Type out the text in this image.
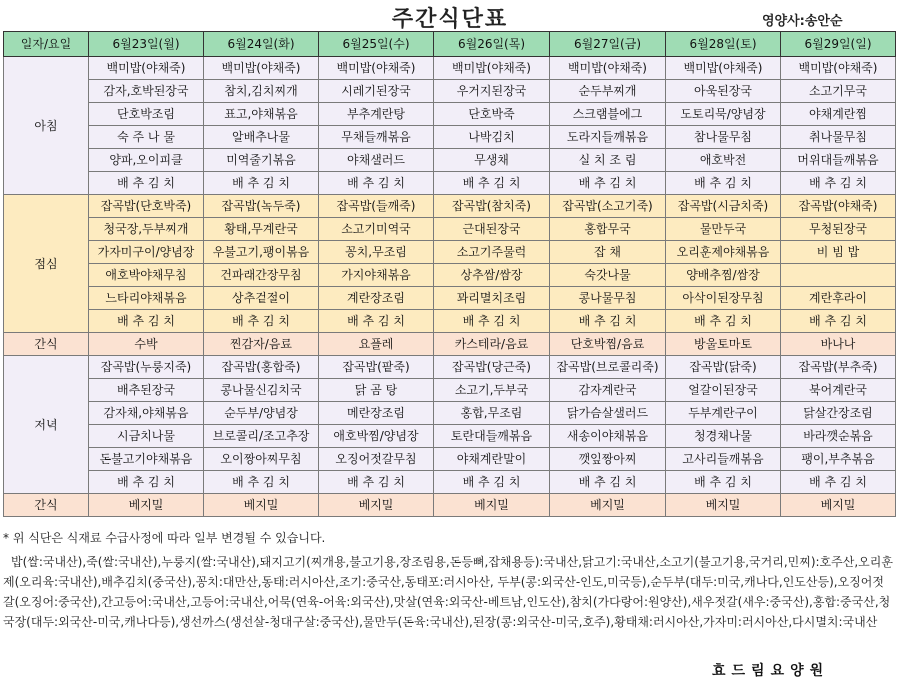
주간식단표	영양사:송안순
일자/요일	6월23일(월)	6월24일(화)	6월25일(수)	6월26일(목)	6월27일(금)	6월28일(토)	6월29일(일)
아침	백미밥(야채죽)	백미밥(야채죽)	백미밥(야채죽)	백미밥(야채죽)	백미밥(야채죽)	백미밥(야채죽)	백미밥(야채죽)
	감자,호박된장국	참치,김치찌개	시레기된장국	우거지된장국	순두부찌개	아욱된장국	소고기무국
	단호박조림	표고,야채볶음	부추계란탕	단호박죽	스크램블에그	도토리묵/양념장	야채계란찜
	숙 주 나 물	알배추나물	무채들깨볶음	나박김치	도라지들깨볶음	참나물무침	취나물무침
	양파,오이피클	미역줄기볶음	야채샐러드	무생채	실 치 조 림	애호박전	머위대들깨볶음
	배 추 김 치	배 추 김 치	배 추 김 치	배 추 김 치	배 추 김 치	배 추 김 치	배 추 김 치
점심	잡곡밥(단호박죽)	잡곡밥(녹두죽)	잡곡밥(들깨죽)	잡곡밥(참치죽)	잡곡밥(소고기죽)	잡곡밥(시금치죽)	잡곡밥(야채죽)
	청국장,두부찌개	황태,무계란국	소고기미역국	근대된장국	홍합무국	물만두국	무청된장국
	가자미구이/양념장	우불고기,팽이볶음	꽁치,무조림	소고기주물럭	잡 채	오리훈제야채볶음	비 빔 밥
	애호박야채무침	건파래간장무침	가지야채볶음	상추쌈/쌈장	숙갓나물	양배추찜/쌈장	
	느타리야채볶음	상추겉절이	계란장조림	꽈리멸치조림	콩나물무침	아삭이된장무침	계란후라이
	배 추 김 치	배 추 김 치	배 추 김 치	배 추 김 치	배 추 김 치	배 추 김 치	배 추 김 치
간식	수박	찐감자/음료	요플레	카스테라/음료	단호박찜/음료	방울토마토	바나나
저녁	잡곡밥(누룽지죽)	잡곡밥(홍합죽)	잡곡밥(팥죽)	잡곡밥(당근죽)	잡곡밥(브로콜리죽)	잡곡밥(닭죽)	잡곡밥(부추죽)
	배추된장국	콩나물신김치국	닭 곰 탕	소고기,두부국	감자계란국	얼갈이된장국	북어계란국
	감자채,야채볶음	순두부/양념장	메란장조림	홍합,무조림	닭가슴살샐러드	두부계란구이	닭살간장조림
	시금치나물	브로콜리/조고추장	애호박찜/양념장	토란대들깨볶음	새송이야채볶음	청경채나물	바라깻순볶음
	돈불고기야채볶음	오이짱아찌무침	오징어젓갈무침	야채계란말이	깻잎짱아찌	고사리들깨볶음	팽이,부추볶음
	배 추 김 치	배 추 김 치	배 추 김 치	배 추 김 치	배 추 김 치	배 추 김 치	배 추 김 치
간식	베지밀	베지밀	베지밀	베지밀	베지밀	베지밀	베지밀
* 위 식단은 식재료 수급사정에 따라 일부 변경될 수 있습니다.
밥(쌀:국내산),죽(쌀:국내산),누룽지(쌀:국내산),돼지고기(찌개용,불고기용,장조림용,돈등뼈,잡채용등):국내산,닭고기:국내산,소고기(불고기용,국거리,민찌):호주산,오리훈제(오리육:국내산),배추김치(중국산),꽁치:대만산,동태:러시아산,조기:중국산,동태포:러시아산, 두부(콩:외국산-인도,미국등),순두부(대두:미국,캐나다,인도산등),오징어젓갈(오징어:중국산),간고등어:국내산,고등어:국내산,어묵(연육-어육:외국산),맛살(연육:외국산-베트남,인도산),참치(가다랑어:원양산),새우젓갈(새우:중국산),홍합:중국산,청국장(대두:외국산-미국,캐나다등),생선까스(생선살-청대구살:중국산),물만두(돈육:국내산),된장(콩:외국산-미국,호주),황태채:러시아산,가자미:러시아산,다시멸치:국내산
효드림요양원
